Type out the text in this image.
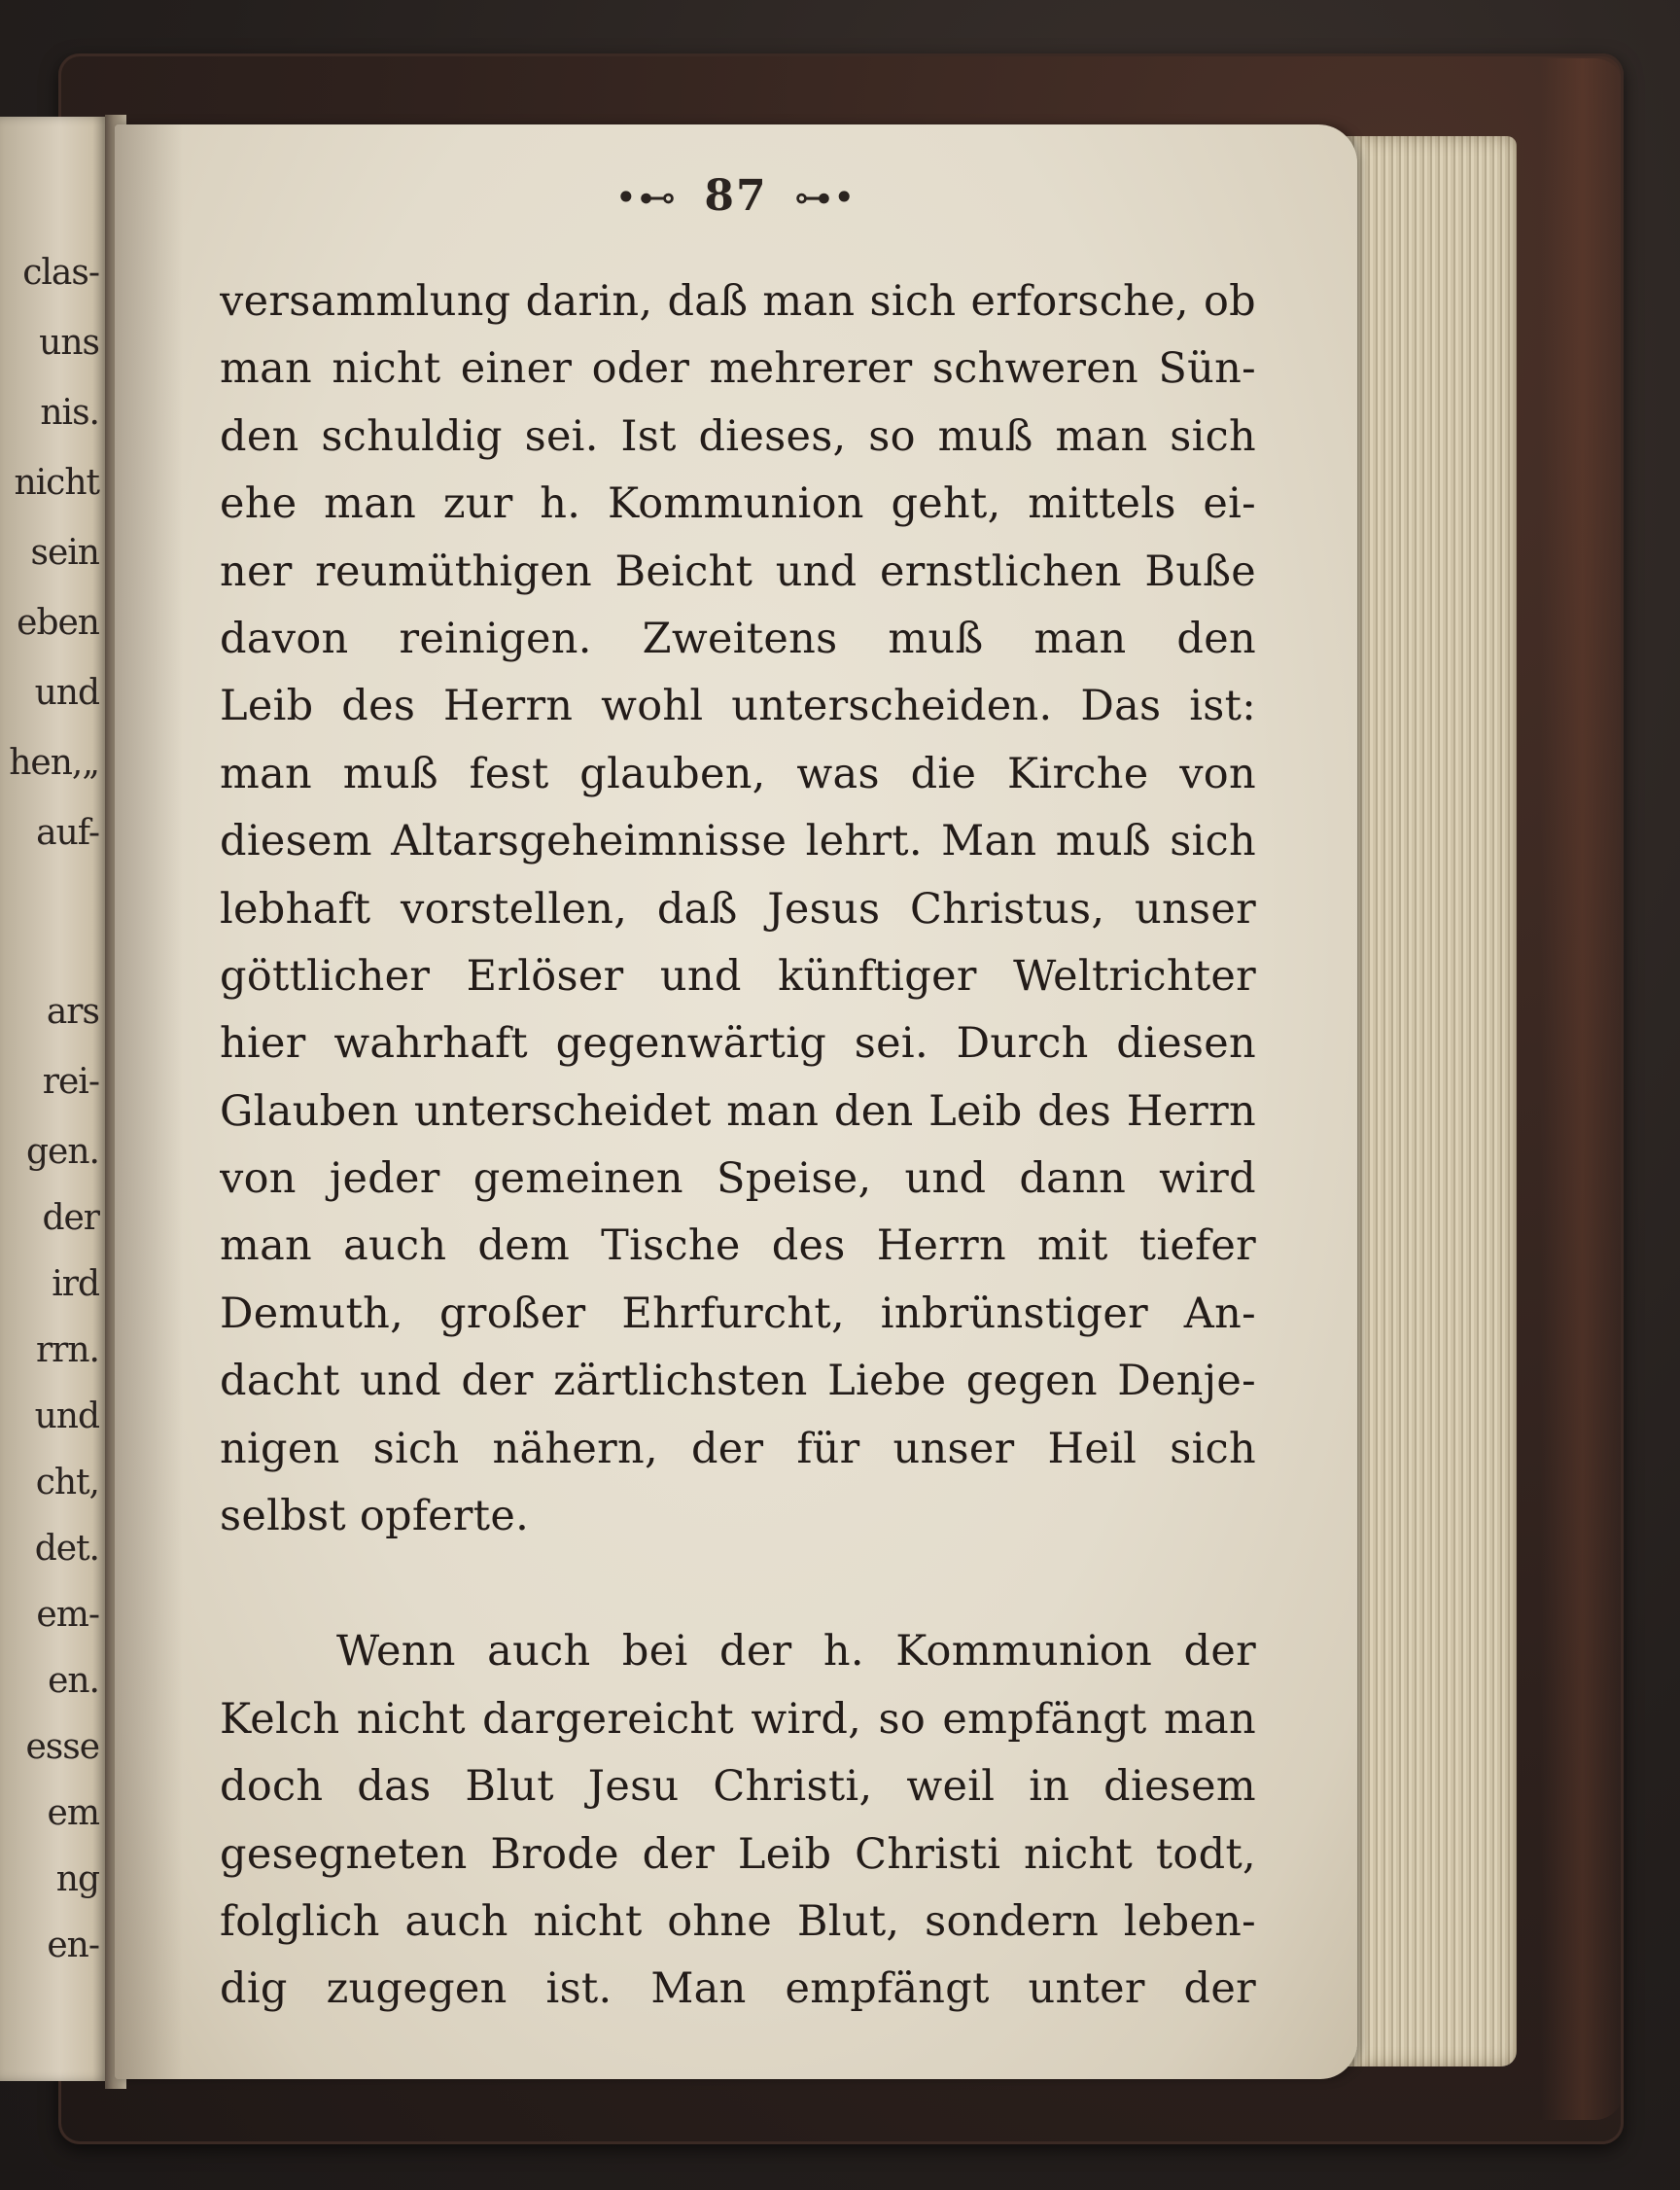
clas-
uns
nis.
nicht
sein
eben
und
hen,„
auf-
ars
rei-
gen.
der
ird
rrn.
und
cht,
det.
em-
en.
esse
em
ng
en-
•⊷ 87 ⊶•
versammlung darin, daß man sich erforsche, ob
man nicht einer oder mehrerer schweren Sün-
den schuldig sei. Ist dieses, so muß man sich
ehe man zur h. Kommunion geht, mittels ei-
ner reumüthigen Beicht und ernstlichen Buße
davon reinigen. Zweitens muß man den
Leib des Herrn wohl unterscheiden. Das ist:
man muß fest glauben, was die Kirche von
diesem Altarsgeheimnisse lehrt. Man muß sich
lebhaft vorstellen, daß Jesus Christus, unser
göttlicher Erlöser und künftiger Weltrichter
hier wahrhaft gegenwärtig sei. Durch diesen
Glauben unterscheidet man den Leib des Herrn
von jeder gemeinen Speise, und dann wird
man auch dem Tische des Herrn mit tiefer
Demuth, großer Ehrfurcht, inbrünstiger An-
dacht und der zärtlichsten Liebe gegen Denje-
nigen sich nähern, der für unser Heil sich
selbst opferte.
Wenn auch bei der h. Kommunion der
Kelch nicht dargereicht wird, so empfängt man
doch das Blut Jesu Christi, weil in diesem
gesegneten Brode der Leib Christi nicht todt,
folglich auch nicht ohne Blut, sondern leben-
dig zugegen ist. Man empfängt unter der
